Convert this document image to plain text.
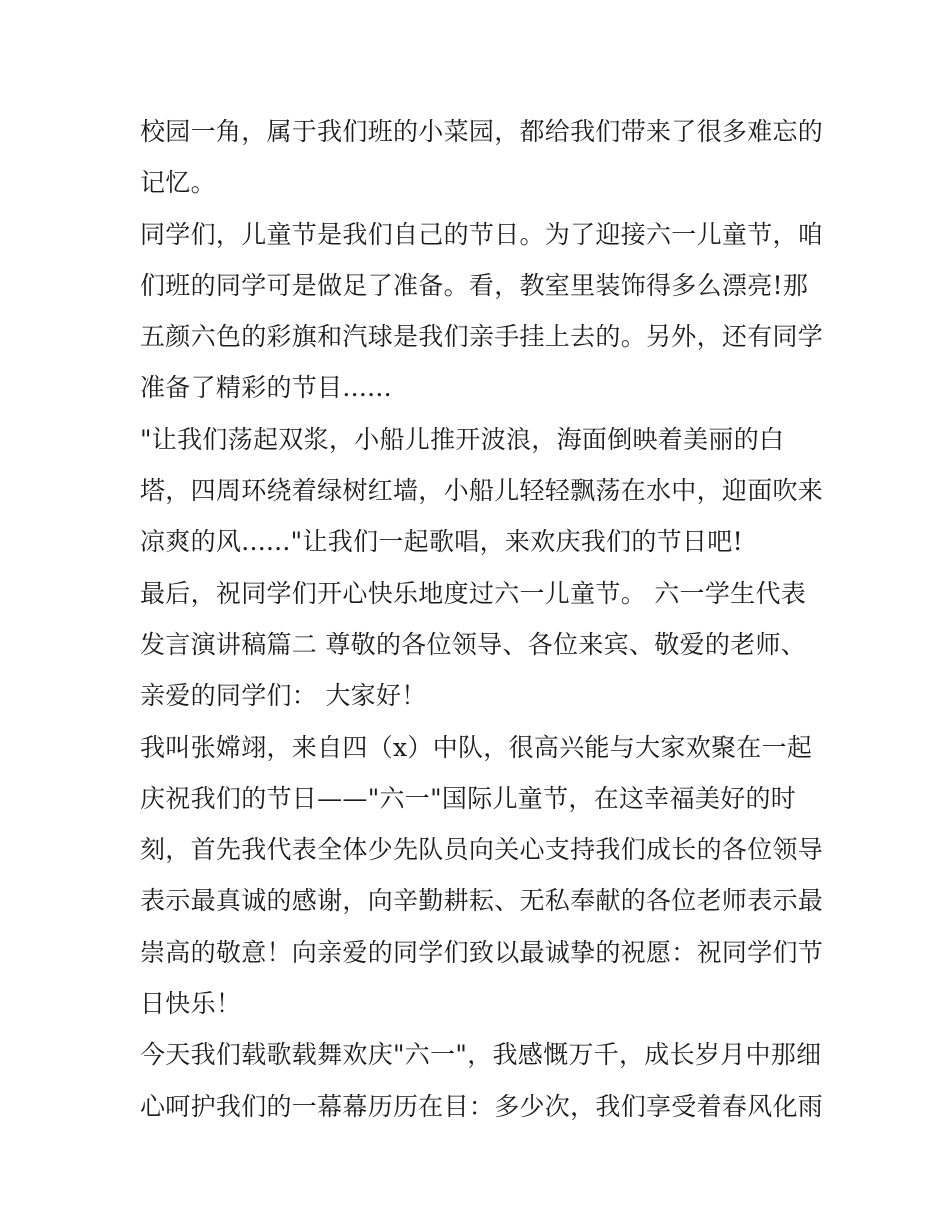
校园一角，属于我们班的小菜园，都给我们带来了很多难忘的
记忆。
同学们，儿童节是我们自己的节日。为了迎接六一儿童节，咱
们班的同学可是做足了准备。看，教室里装饰得多么漂亮!那
五颜六色的彩旗和汽球是我们亲手挂上去的。另外，还有同学
准备了精彩的节目......
"让我们荡起双浆，小船儿推开波浪，海面倒映着美丽的白
塔，四周环绕着绿树红墙，小船儿轻轻飘荡在水中，迎面吹来
凉爽的风......"让我们一起歌唱，来欢庆我们的节日吧!
最后，祝同学们开心快乐地度过六一儿童节。 六一学生代表
发言演讲稿篇二 尊敬的各位领导、各位来宾、敬爱的老师、
亲爱的同学们： 大家好！
我叫张嫦翊，来自四（x）中队，很高兴能与大家欢聚在一起
庆祝我们的节日——"六一"国际儿童节，在这幸福美好的时
刻，首先我代表全体少先队员向关心支持我们成长的各位领导
表示最真诚的感谢，向辛勤耕耘、无私奉献的各位老师表示最
崇高的敬意！向亲爱的同学们致以最诚挚的祝愿：祝同学们节
日快乐！
今天我们载歌载舞欢庆"六一"，我感慨万千，成长岁月中那细
心呵护我们的一幕幕历历在目：多少次，我们享受着春风化雨
